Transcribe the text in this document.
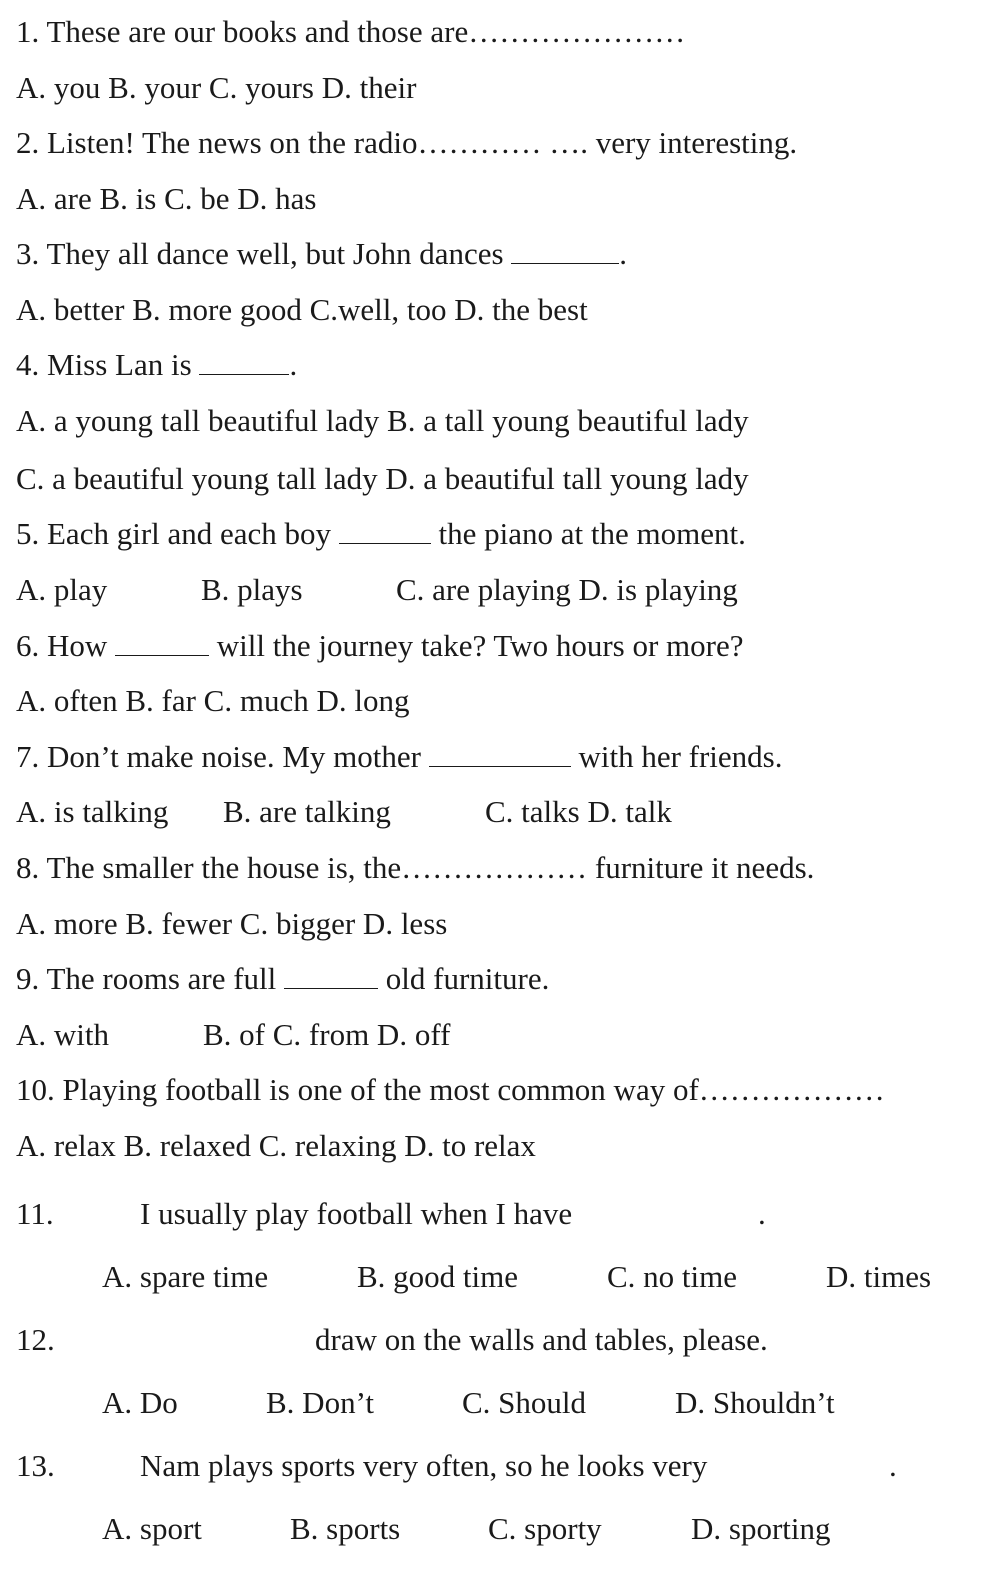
1. These are our books and those are…………………
A. you B. your C. yours D. their
2. Listen! The news on the radio………… …. very interesting.
A. are B. is C. be D. has
3. They all dance well, but John dances	.
A. better B. more good C.well, too D. the best
4. Miss Lan is	.
A. a young tall beautiful lady B. a tall young beautiful lady
C. a beautiful young tall lady D. a beautiful tall young lady
5. Each girl and each boy	the piano at the moment.
A. play	B. plays	C. are playing D. is playing
6. How	will the journey take? Two hours or more?
A. often B. far C. much D. long
7. Don’t make noise. My mother	with her friends.
A. is talking B. are talking	C. talks D. talk
8. The smaller the house is, the……………… furniture it needs.
A. more B. fewer C. bigger D. less
9. The rooms are full	old furniture.
A. with	B. of C. from D. off
10. Playing football is one of the most common way of………………
A. relax B. relaxed C. relaxing D. to relax
11.	I usually play football when I have	.
A. spare time	B. good time	C. no time	D. times
12.	draw on the walls and tables, please.
A. Do	B. Don’t	C. Should	D. Shouldn’t
13.	Nam plays sports very often, so he looks very	.
A. sport	B. sports	C. sporty	D. sporting
